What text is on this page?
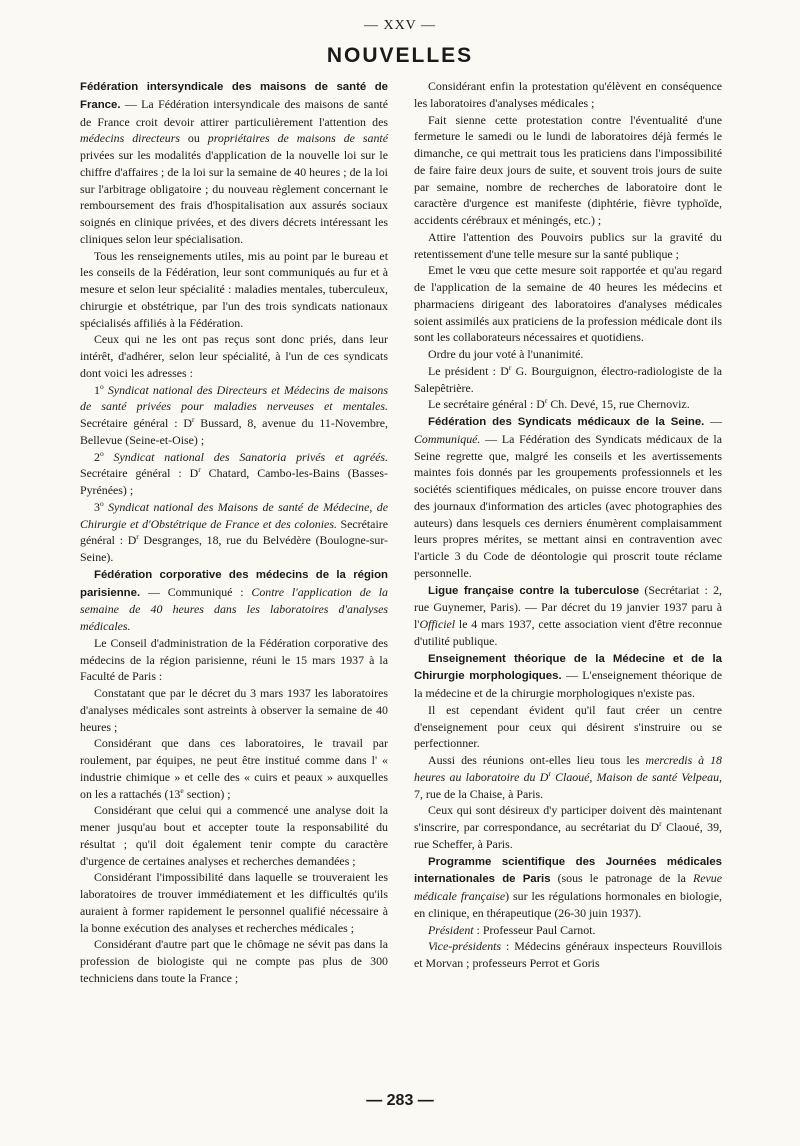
— XXV —
NOUVELLES

Fédération intersyndicale des maisons de santé de France. — La Fédération intersyndicale des maisons de santé de France croit devoir attirer particulièrement l'attention des médecins directeurs ou propriétaires de maisons de santé privées sur les modalités d'application de la nouvelle loi sur le chiffre d'affaires ; de la loi sur la semaine de 40 heures ; de la loi sur l'arbitrage obligatoire ; du nouveau règlement concernant le remboursement des frais d'hospitalisation aux assurés sociaux soignés en clinique privées, et des divers décrets intéressant les cliniques selon leur spécialisation.

Tous les renseignements utiles, mis au point par le bureau et les conseils de la Fédération, leur sont communiqués au fur et à mesure et selon leur spécialité : maladies mentales, tuberculeux, chirurgie et obstétrique, par l'un des trois syndicats nationaux spécialisés affiliés à la Fédération.

Ceux qui ne les ont pas reçus sont donc priés, dans leur intérêt, d'adhérer, selon leur spécialité, à l'un de ces syndicats dont voici les adresses :

1$^o$ Syndicat national des Directeurs et Médecins de maisons de santé privées pour maladies nerveuses et mentales. Secrétaire général : $D^r$ Bussard, 8, avenue du 11-Novembre, Bellevue (Seine-et-Oise) ;

2$^o$ Syndicat national des Sanatoria privés et agréés. Secrétaire général : $D^r$ Chatard, Cambo-les-Bains (Basses-Pyrénées) ;

3$^o$ Syndicat national des Maisons de santé de Médecine, de Chirurgie et d'Obstétrique de France et des colonies. Secrétaire général : $D^r$ Desgranges, 18, rue du Belvédère (Boulogne-sur-Seine).

Fédération corporative des médecins de la région parisienne. — Communiqué : Contre l'application de la semaine de 40 heures dans les laboratoires d'analyses médicales.

Le Conseil d'administration de la Fédération corporative des médecins de la région parisienne, réuni le 15 mars 1937 à la Faculté de Paris :

Constatant que par le décret du 3 mars 1937 les laboratoires d'analyses médicales sont astreints à observer la semaine de 40 heures ;

Considérant que dans ces laboratoires, le travail par roulement, par équipes, ne peut être institué comme dans l' « industrie chimique » et celle des « cuirs et peaux » auxquelles on les a rattachés (13e section) ;

Considérant que celui qui a commencé une analyse doit la mener jusqu'au bout et accepter toute la responsabilité du résultat ; qu'il doit également tenir compte du caractère d'urgence de certaines analyses et recherches demandées ;

Considérant l'impossibilité dans laquelle se trouveraient les laboratoires de trouver immédiatement et les difficultés qu'ils auraient à former rapidement le personnel qualifié nécessaire à la bonne exécution des analyses et recherches médicales ;

Considérant d'autre part que le chômage ne sévit pas dans la profession de biologiste qui ne compte pas plus de 300 techniciens dans toute la France ;

Considérant enfin la protestation qu'élèvent en conséquence les laboratoires d'analyses médicales ;

Fait sienne cette protestation contre l'éventualité d'une fermeture le samedi ou le lundi de laboratoires déjà fermés le dimanche, ce qui mettrait tous les praticiens dans l'impossibilité de faire faire deux jours de suite, et souvent trois jours de suite par semaine, nombre de recherches de laboratoire dont le caractère d'urgence est manifeste (diphtérie, fièvre typhoïde, accidents cérébraux et méningés, etc.) ;

Attire l'attention des Pouvoirs publics sur la gravité du retentissement d'une telle mesure sur la santé publique ;

Emet le vœu que cette mesure soit rapportée et qu'au regard de l'application de la semaine de 40 heures les médecins et pharmaciens dirigeant des laboratoires d'analyses médicales soient assimilés aux praticiens de la profession médicale dont ils sont les collaborateurs nécessaires et quotidiens.

Ordre du jour voté à l'unanimité.

Le président : $D^r$ G. Bourguignon, électro-radiologiste de la Salepêtrière.

Le secrétaire général : $D^r$ Ch. Devé, 15, rue Chernoviz.

Fédération des Syndicats médicaux de la Seine. — Communiqué. — La Fédération des Syndicats médicaux de la Seine regrette que, malgré les conseils et les avertissements maintes fois donnés par les groupements professionnels et les sociétés scientifiques médicales, on puisse encore trouver dans des journaux d'information des articles (avec photographies des auteurs) dans lesquels ces derniers énumèrent complaisamment leurs propres mérites, se mettant ainsi en contravention avec l'article 3 du Code de déontologie qui proscrit toute réclame personnelle.

Ligue française contre la tuberculose (Secrétariat : 2, rue Guynemer, Paris). — Par décret du 19 janvier 1937 paru à l'Officiel le 4 mars 1937, cette association vient d'être reconnue d'utilité publique.

Enseignement théorique de la Médecine et de la Chirurgie morphologiques. — L'enseignement théorique de la médecine et de la chirurgie morphologiques n'existe pas.

Il est cependant évident qu'il faut créer un centre d'enseignement pour ceux qui désirent s'instruire ou se perfectionner.

Aussi des réunions ont-elles lieu tous les mercredis à 18 heures au laboratoire du $D^r$ Claoué, Maison de santé Velpeau, 7, rue de la Chaise, à Paris.

Ceux qui sont désireux d'y participer doivent dès maintenant s'inscrire, par correspondance, au secrétariat du $D^r$ Claoué, 39, rue Scheffer, à Paris.

Programme scientifique des Journées médicales internationales de Paris (sous le patronage de la Revue médicale française) sur les régulations hormonales en biologie, en clinique, en thérapeutique (26-30 juin 1937).

Président : Professeur Paul Carnot.

Vice-présidents : Médecins généraux inspecteurs Rouvillois et Morvan ; professeurs Perrot et Goris

— 283 —
